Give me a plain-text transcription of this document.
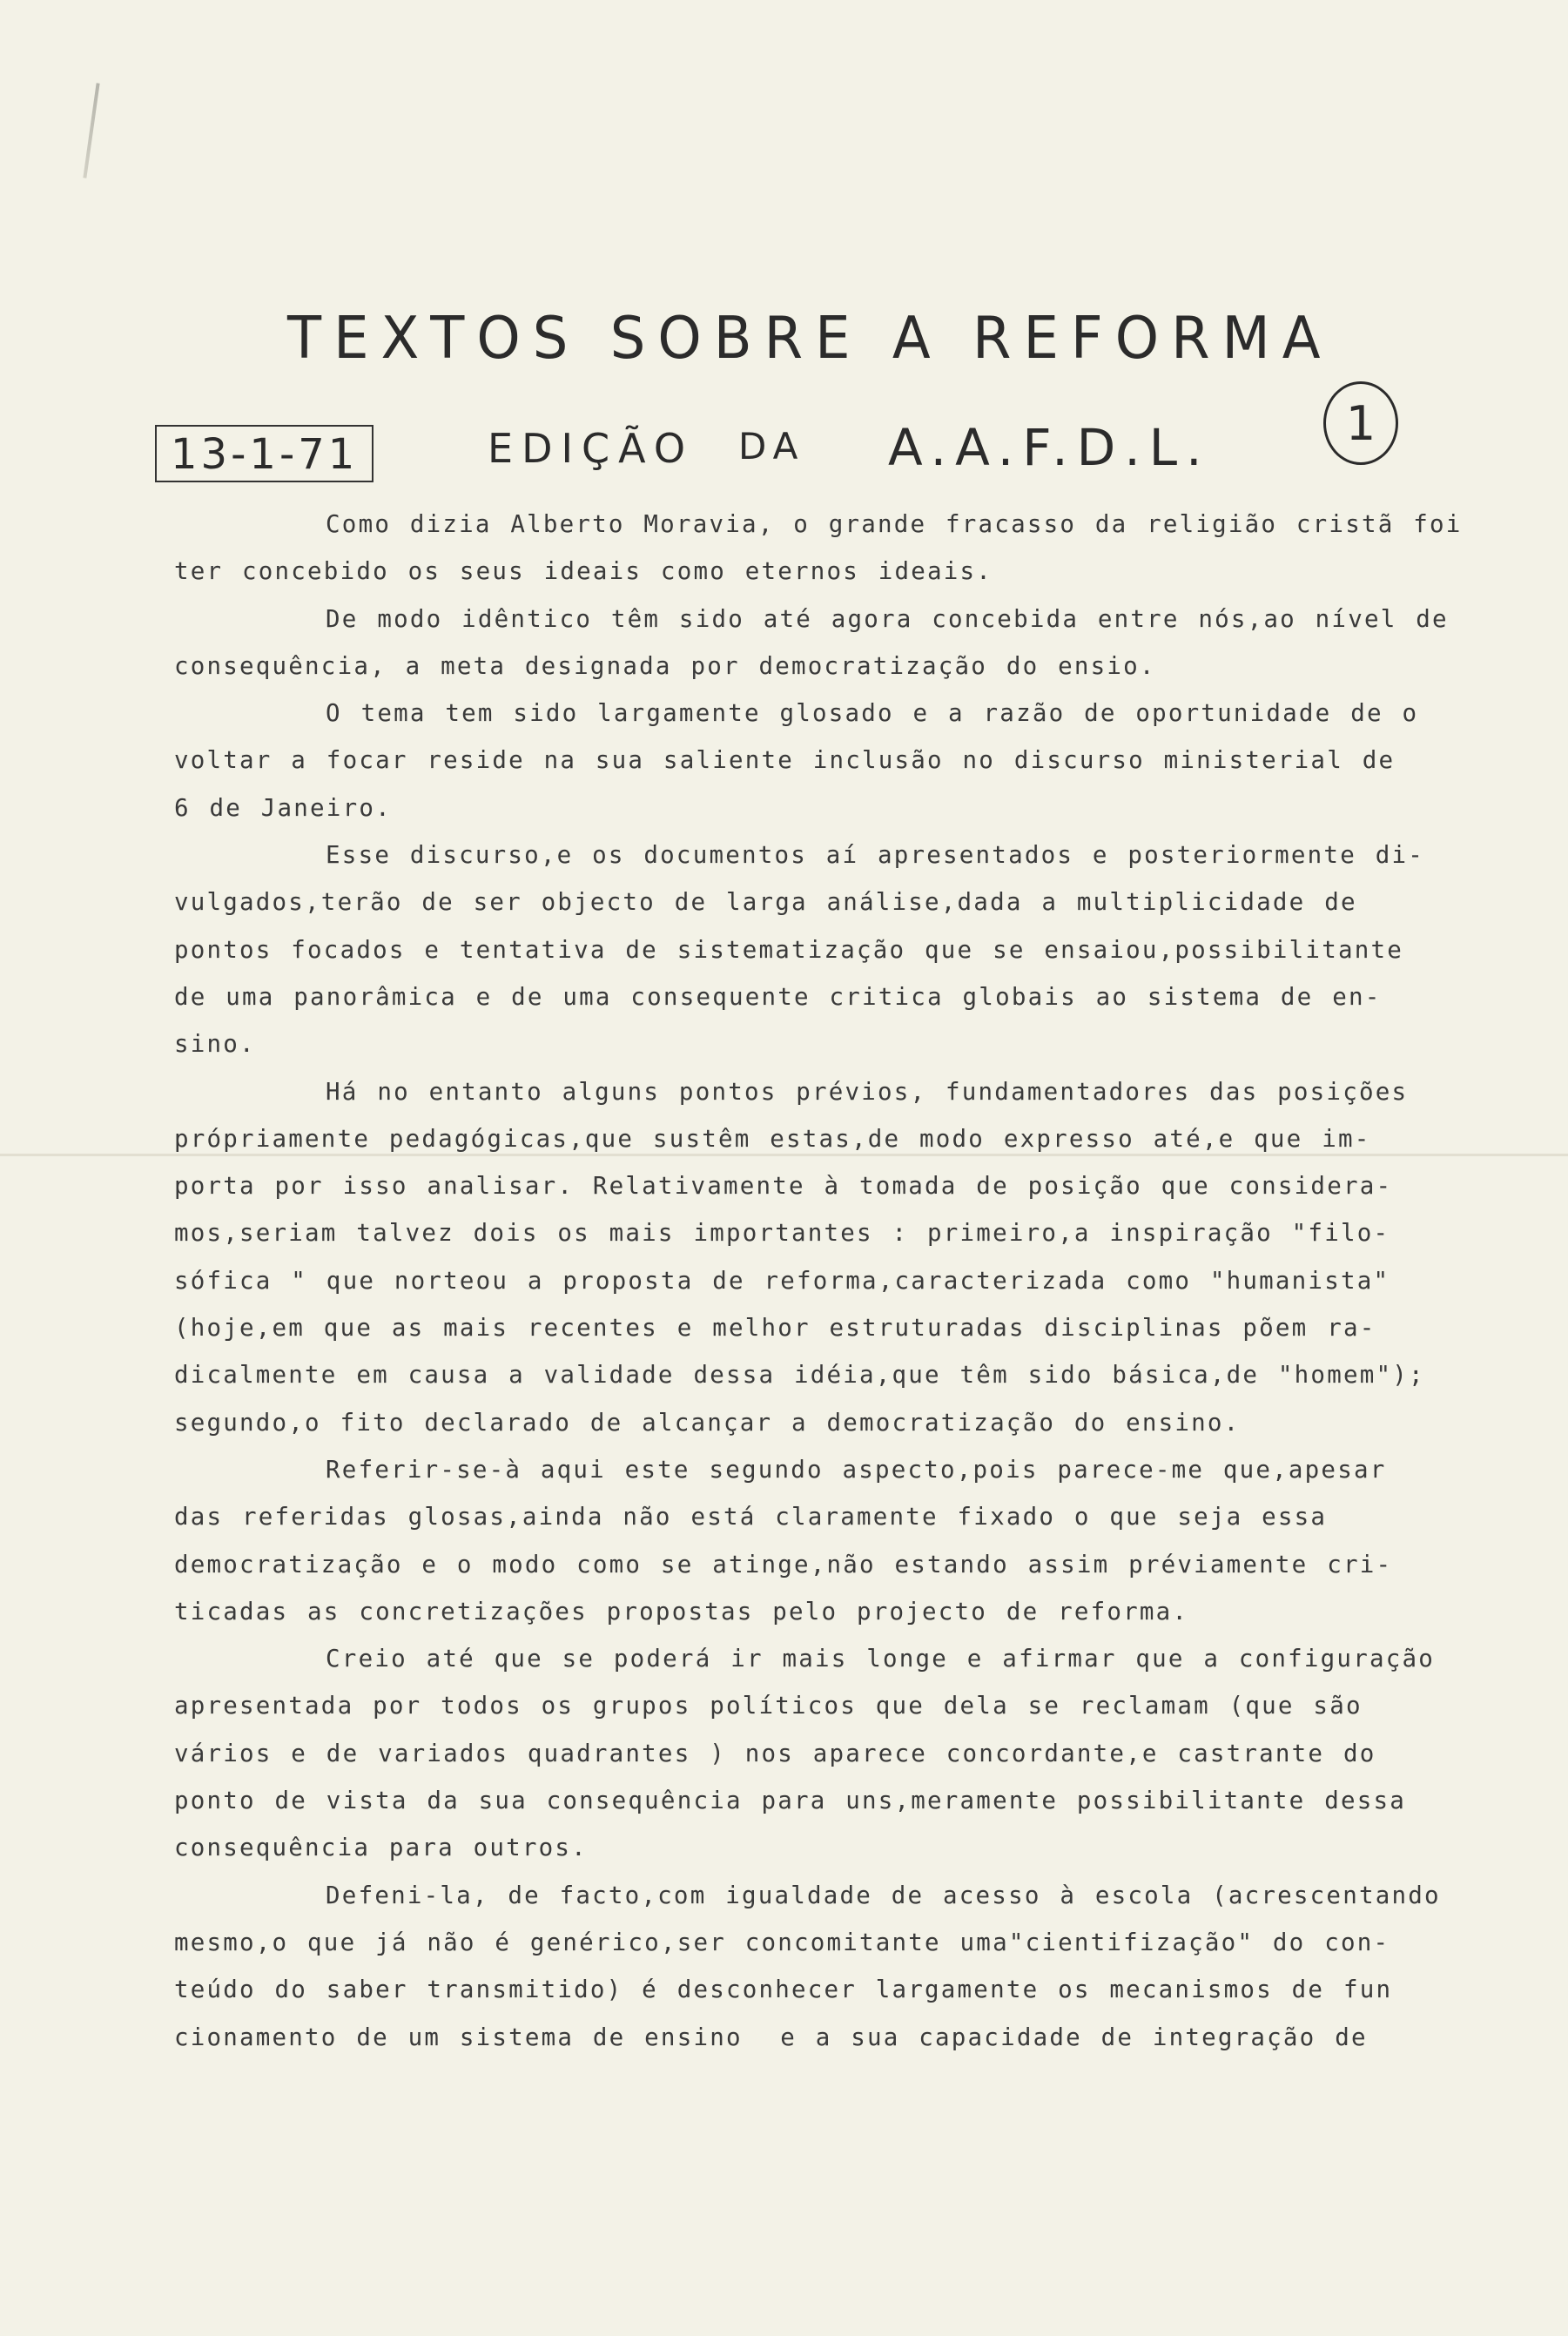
TEXTOS SOBRE A REFORMA
13-1-71	EDIÇÃO DA A.A.F.D.L.	1
Como dizia Alberto Moravia, o grande fracasso da religião cristã foi
ter concebido os seus ideais como eternos ideais.
De modo idêntico têm sido até agora concebida entre nós,ao nível de
consequência, a meta designada por democratização do ensio.
O tema tem sido largamente glosado e a razão de oportunidade de o
voltar a focar reside na sua saliente inclusão no discurso ministerial de
6 de Janeiro.
Esse discurso,e os documentos aí apresentados e posteriormente di-
vulgados,terão de ser objecto de larga análise,dada a multiplicidade de
pontos focados e tentativa de sistematização que se ensaiou,possibilitante
de uma panorâmica e de uma consequente critica globais ao sistema de en-
sino.
Há no entanto alguns pontos prévios, fundamentadores das posições
própriamente pedagógicas,que sustêm estas,de modo expresso até,e que im-
porta por isso analisar. Relativamente à tomada de posição que considera-
mos,seriam talvez dois os mais importantes : primeiro,a inspiração "filo-
sófica " que norteou a proposta de reforma,caracterizada como "humanista"
(hoje,em que as mais recentes e melhor estruturadas disciplinas põem ra-
dicalmente em causa a validade dessa idéia,que têm sido básica,de "homem");
segundo,o fito declarado de alcançar a democratização do ensino.
Referir-se-à aqui este segundo aspecto,pois parece-me que,apesar
das referidas glosas,ainda não está claramente fixado o que seja essa
democratização e o modo como se atinge,não estando assim préviamente cri-
ticadas as concretizações propostas pelo projecto de reforma.
Creio até que se poderá ir mais longe e afirmar que a configuração
apresentada por todos os grupos políticos que dela se reclamam (que são
vários e de variados quadrantes ) nos aparece concordante,e castrante do
ponto de vista da sua consequência para uns,meramente possibilitante dessa
consequência para outros.
Defeni-la, de facto,com igualdade de acesso à escola (acrescentando
mesmo,o que já não é genérico,ser concomitante uma"cientifização" do con-
teúdo do saber transmitido) é desconhecer largamente os mecanismos de fun
cionamento de um sistema de ensino  e a sua capacidade de integração de
